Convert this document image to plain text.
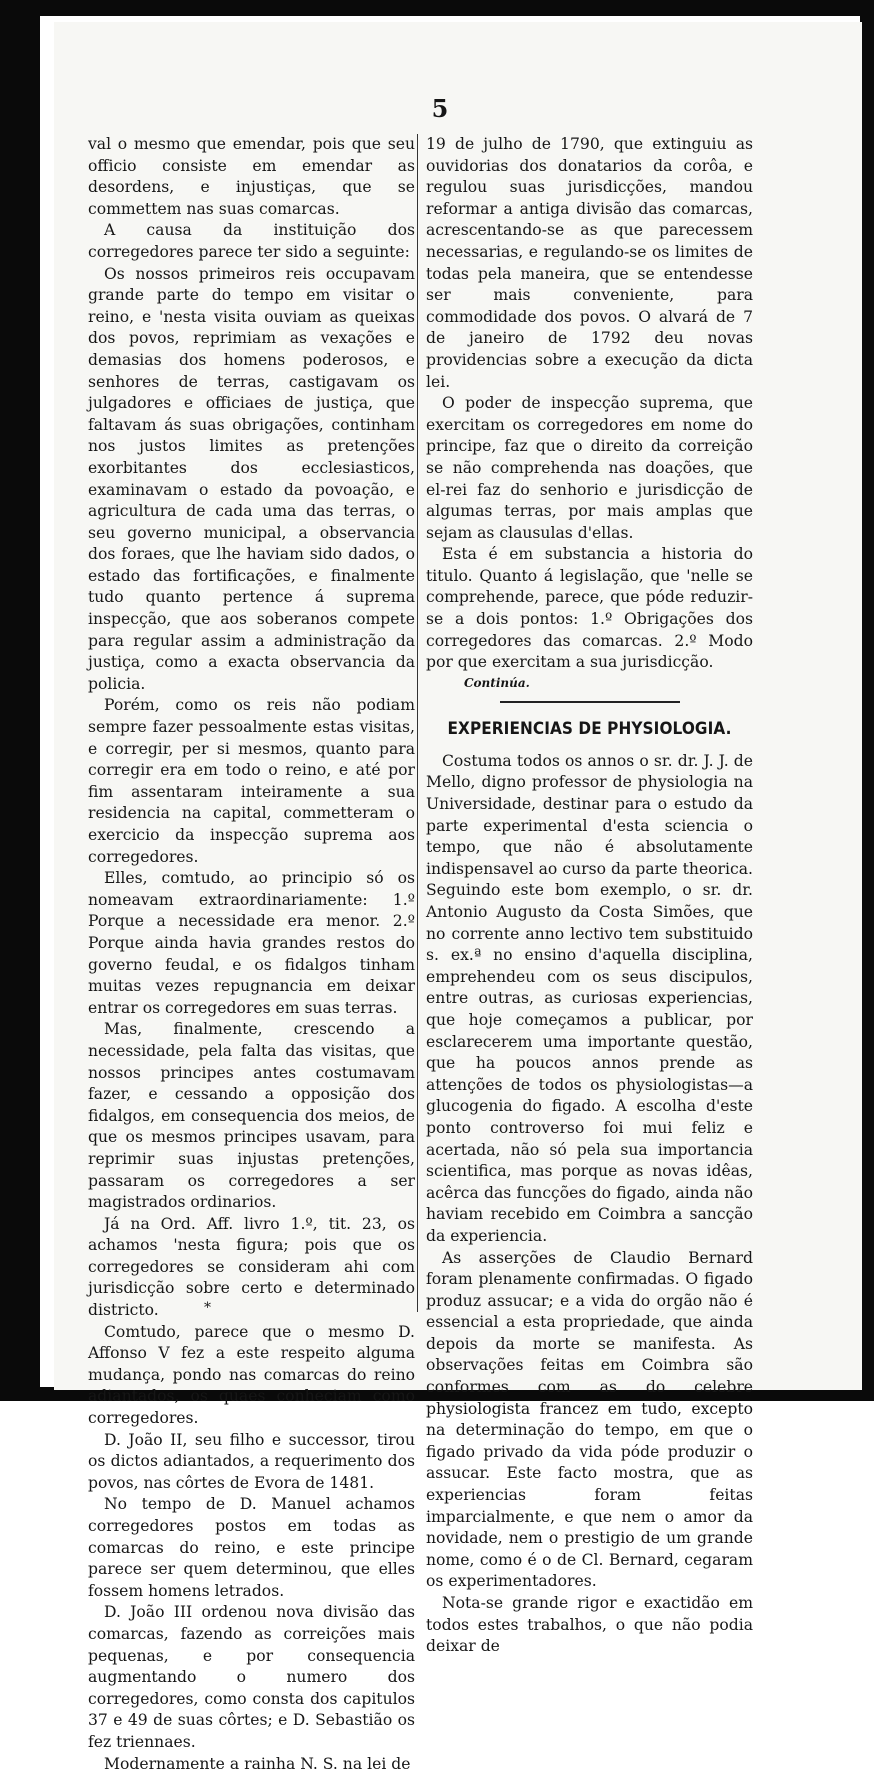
5

val o mesmo que emendar, pois que seu officio consiste em emendar as desordens, e injustiças, que se commettem nas suas comarcas.

A causa da instituição dos corregedores parece ter sido a seguinte:

Os nossos primeiros reis occupavam grande parte do tempo em visitar o reino, e 'nesta visita ouviam as queixas dos povos, reprimiam as vexações e demasias dos homens poderosos, e senhores de terras, castigavam os julgadores e officiaes de justiça, que faltavam ás suas obrigações, continham nos justos limites as pretenções exorbitantes dos ecclesiasticos, examinavam o estado da povoação, e agricultura de cada uma das terras, o seu governo municipal, a observancia dos foraes, que lhe haviam sido dados, o estado das fortificações, e finalmente tudo quanto pertence á suprema inspecção, que aos soberanos compete para regular assim a administração da justiça, como a exacta observancia da policia.

Porém, como os reis não podiam sempre fazer pessoalmente estas visitas, e corregir, per si mesmos, quanto para corregir era em todo o reino, e até por fim assentaram inteiramente a sua residencia na capital, commetteram o exercicio da inspecção suprema aos corregedores.

Elles, comtudo, ao principio só os nomeavam extraordinariamente: 1.º Porque a necessidade era menor. 2.º Porque ainda havia grandes restos do governo feudal, e os fidalgos tinham muitas vezes repugnancia em deixar entrar os corregedores em suas terras.

Mas, finalmente, crescendo a necessidade, pela falta das visitas, que nossos principes antes costumavam fazer, e cessando a opposição dos fidalgos, em consequencia dos meios, de que os mesmos principes usavam, para reprimir suas injustas pretenções, passaram os corregedores a ser magistrados ordinarios.

Já na Ord. Aff. livro 1.º, tit. 23, os achamos 'nesta figura; pois que os corregedores se consideram ahi com jurisdicção sobre certo e determinado districto.

Comtudo, parece que o mesmo D. Affonso V fez a este respeito alguma mudança, pondo nas comarcas do reino adiantados, os quaes conheciam como corregedores.

D. João II, seu filho e successor, tirou os dictos adiantados, a requerimento dos povos, nas côrtes de Evora de 1481.

No tempo de D. Manuel achamos corregedores postos em todas as comarcas do reino, e este principe parece ser quem determinou, que elles fossem homens letrados.

D. João III ordenou nova divisão das comarcas, fazendo as correições mais pequenas, e por consequencia augmentando o numero dos corregedores, como consta dos capitulos 37 e 49 de suas côrtes; e D. Sebastião os fez triennaes.

Modernamente a rainha N. S. na lei de

19 de julho de 1790, que extinguiu as ouvidorias dos donatarios da corôa, e regulou suas jurisdicções, mandou reformar a antiga divisão das comarcas, acrescentando-se as que parecessem necessarias, e regulando-se os limites de todas pela maneira, que se entendesse ser mais conveniente, para commodidade dos povos. O alvará de 7 de janeiro de 1792 deu novas providencias sobre a execução da dicta lei.

O poder de inspecção suprema, que exercitam os corregedores em nome do principe, faz que o direito da correição se não comprehenda nas doações, que el-rei faz do senhorio e jurisdicção de algumas terras, por mais amplas que sejam as clausulas d'ellas.

Esta é em substancia a historia do titulo. Quanto á legislação, que 'nelle se comprehende, parece, que póde reduzir-se a dois pontos: 1.º Obrigações dos corregedores das comarcas. 2.º Modo por que exercitam a sua jurisdicção.

Continúa.

EXPERIENCIAS DE PHYSIOLOGIA.

Costuma todos os annos o sr. dr. J. J. de Mello, digno professor de physiologia na Universidade, destinar para o estudo da parte experimental d'esta sciencia o tempo, que não é absolutamente indispensavel ao curso da parte theorica. Seguindo este bom exemplo, o sr. dr. Antonio Augusto da Costa Simões, que no corrente anno lectivo tem substituido s. ex.ª no ensino d'aquella disciplina, emprehendeu com os seus discipulos, entre outras, as curiosas experiencias, que hoje começamos a publicar, por esclarecerem uma importante questão, que ha poucos annos prende as attenções de todos os physiologistas—a glucogenia do figado. A escolha d'este ponto controverso foi mui feliz e acertada, não só pela sua importancia scientifica, mas porque as novas idêas, acêrca das funcções do figado, ainda não haviam recebido em Coimbra a sancção da experiencia.

As asserções de Claudio Bernard foram plenamente confirmadas. O figado produz assucar; e a vida do orgão não é essencial a esta propriedade, que ainda depois da morte se manifesta. As observações feitas em Coimbra são conformes com as do celebre physiologista francez em tudo, excepto na determinação do tempo, em que o figado privado da vida póde produzir o assucar. Este facto mostra, que as experiencias foram feitas imparcialmente, e que nem o amor da novidade, nem o prestigio de um grande nome, como é o de Cl. Bernard, cegaram os experimentadores.

Nota-se grande rigor e exactidão em todos estes trabalhos, o que não podia deixar de

*
